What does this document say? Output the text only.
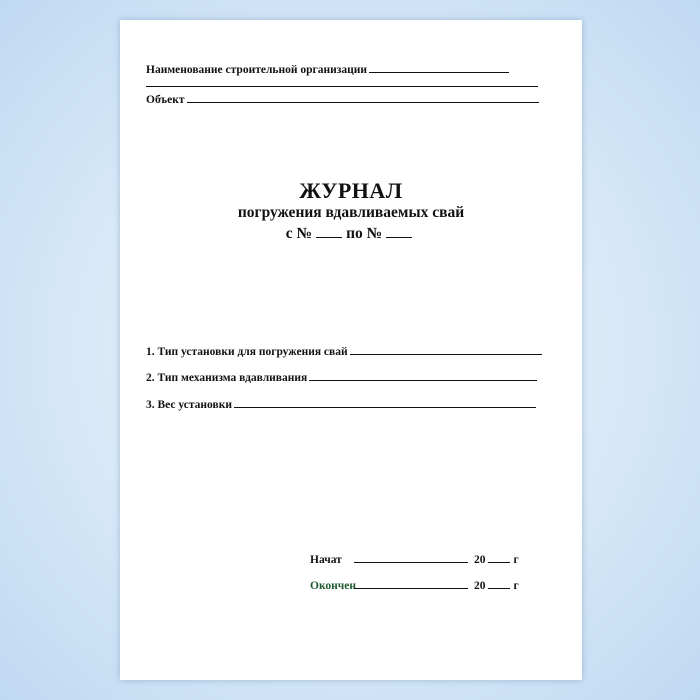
Наименование строительной организации
Объект
ЖУРНАЛ
погружения вдавливаемых свай
с № по №
1. Тип установки для погружения свай
2. Тип механизма вдавливания
3. Вес установки
Начат	20 г
Окончен	20 г
